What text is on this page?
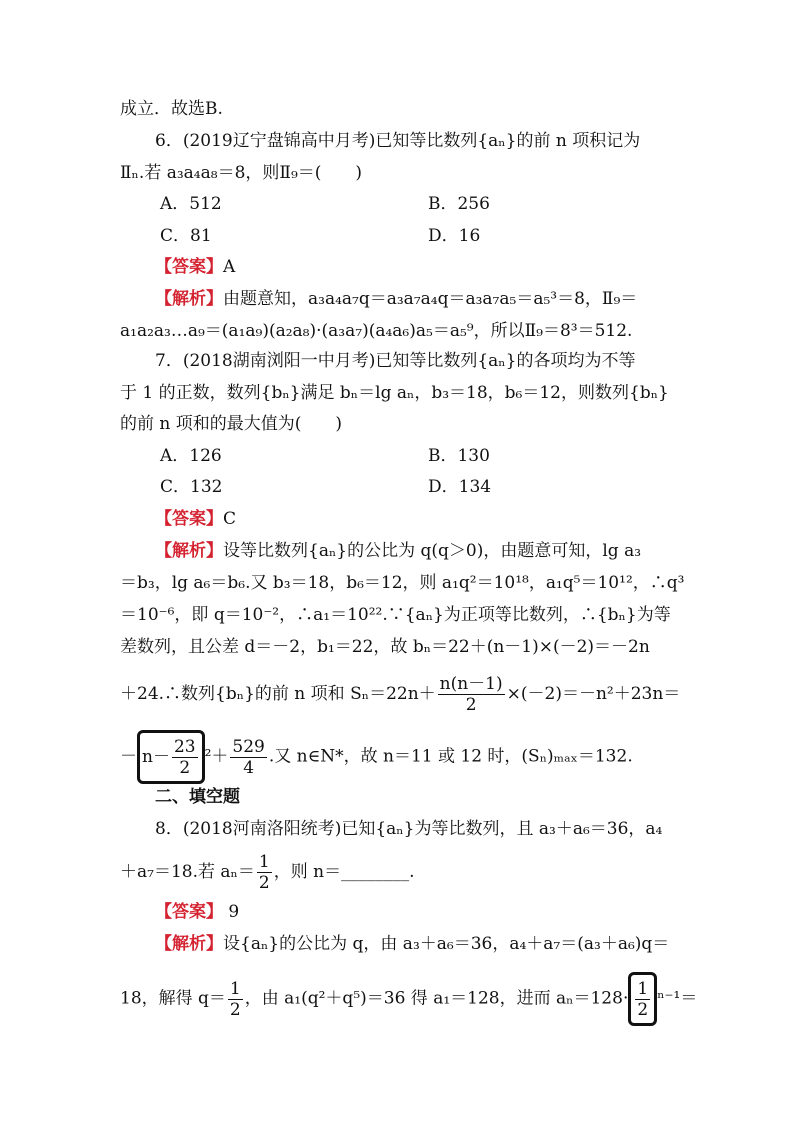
成立．故选B.
6．(2019辽宁盘锦高中月考)已知等比数列{aₙ}的前 n 项积记为
Ⅱₙ.若 a₃a₄a₈＝8，则Ⅱ₉＝(　　)
A．512	B．256
C．81	D．16
【答案】A
【解析】由题意知，a₃a₄a₇q＝a₃a₇a₄q＝a₃a₇a₅＝a₅³＝8，Ⅱ₉＝
a₁a₂a₃…a₉＝(a₁a₉)(a₂a₈)·(a₃a₇)(a₄a₆)a₅＝a₅⁹，所以Ⅱ₉＝8³＝512.
7．(2018湖南浏阳一中月考)已知等比数列{aₙ}的各项均为不等
于 1 的正数，数列{bₙ}满足 bₙ＝lg aₙ，b₃＝18，b₆＝12，则数列{bₙ}
的前 n 项和的最大值为(　　)
A．126	B．130
C．132	D．134
【答案】C
【解析】设等比数列{aₙ}的公比为 q(q＞0)，由题意可知，lg a₃
＝b₃，lg a₆＝b₆.又 b₃＝18，b₆＝12，则 a₁q²＝10¹⁸，a₁q⁵＝10¹²，∴q³
＝10⁻⁶，即 q＝10⁻²，∴a₁＝10²².∵{aₙ}为正项等比数列，∴{bₙ}为等
差数列，且公差 d＝－2，b₁＝22，故 bₙ＝22＋(n－1)×(－2)＝－2n
＋24.∴数列{bₙ}的前 n 项和 $S_n=22n+ \frac{n(n-1)}{2} \times(-2)=-n^2+23n=$
－ $n- \frac{23}{2} ^2+ \frac{529}{4}$ .又 n∈N*，故 n＝11 或 12 时，(Sₙ)ₘₐₓ＝132.
二、填空题
8．(2018河南洛阳统考)已知{aₙ}为等比数列，且 a₃＋a₆＝36，a₄
＋a₇＝18.若 $a_n= \frac{1}{2}$ ，则 n＝________.
【答案】 9
【解析】设{aₙ}的公比为 q，由 a₃＋a₆＝36，a₄＋a₇＝(a₃＋a₆)q＝
18，解得 $q= \frac{1}{2}$ ，由 a₁(q²＋q⁵)＝36 得 a₁＝128，进而 $a_n=128\cdot \frac{1}{2} ^{n-1}=$
